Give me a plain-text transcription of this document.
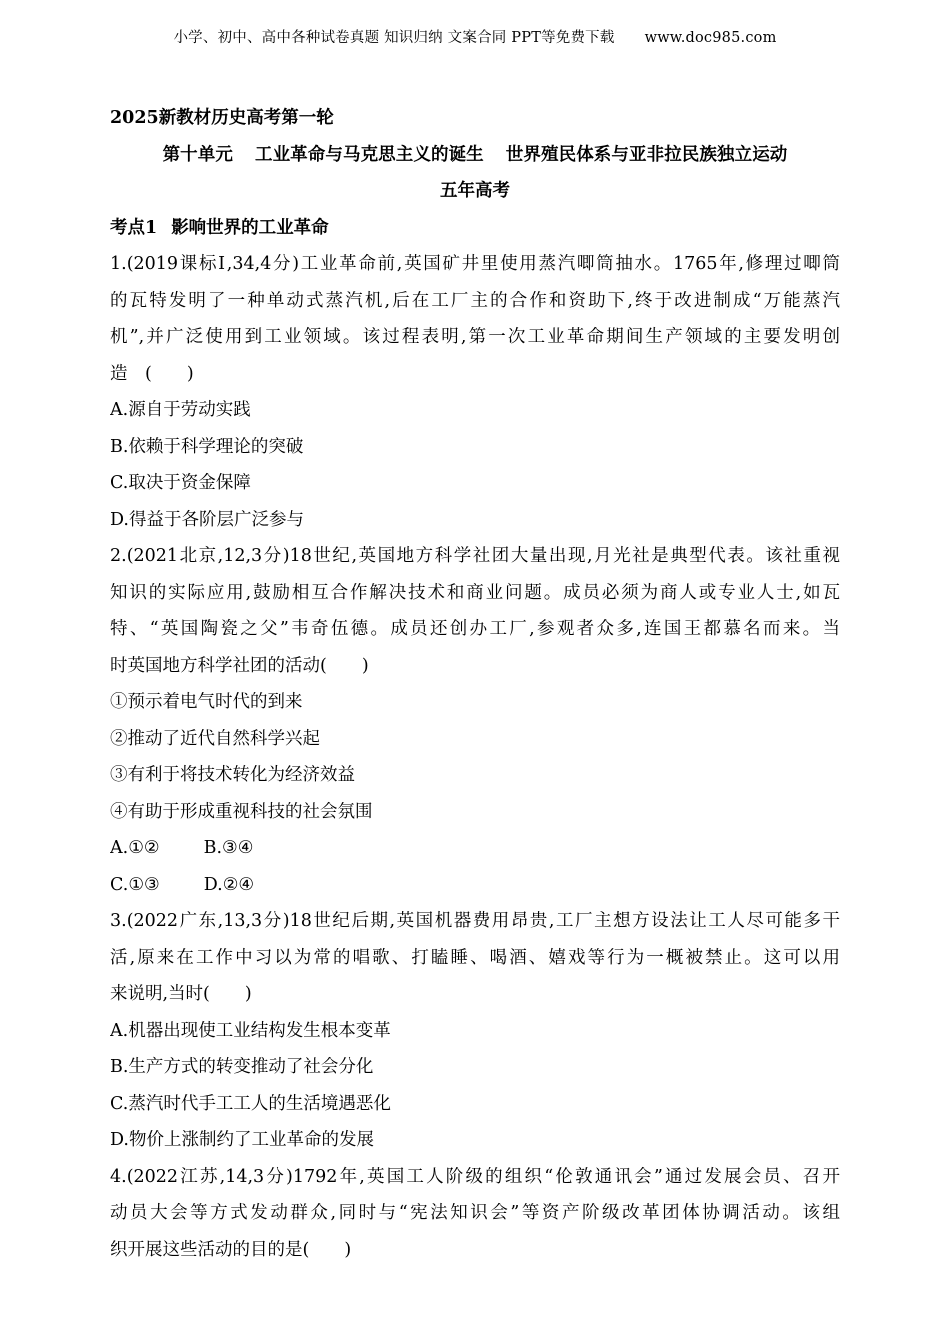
小学、初中、高中各种试卷真题 知识归纳 文案合同 PPT等免费下载 www.doc985.com
2025新教材历史高考第一轮
第十单元 工业革命与马克思主义的诞生 世界殖民体系与亚非拉民族独立运动
五年高考
考点1 影响世界的工业革命
1.(2019课标Ⅰ,34,4分)工业革命前,英国矿井里使用蒸汽唧筒抽水。1765年,修理过唧筒
的瓦特发明了一种单动式蒸汽机,后在工厂主的合作和资助下,终于改进制成“万能蒸汽
机”,并广泛使用到工业领域。该过程表明,第一次工业革命期间生产领域的主要发明创
造　(　　)
A.源自于劳动实践
B.依赖于科学理论的突破
C.取决于资金保障
D.得益于各阶层广泛参与
2.(2021北京,12,3分)18世纪,英国地方科学社团大量出现,月光社是典型代表。该社重视
知识的实际应用,鼓励相互合作解决技术和商业问题。成员必须为商人或专业人士,如瓦
特、“英国陶瓷之父”韦奇伍德。成员还创办工厂,参观者众多,连国王都慕名而来。当
时英国地方科学社团的活动(　　)
①预示着电气时代的到来
②推动了近代自然科学兴起
③有利于将技术转化为经济效益
④有助于形成重视科技的社会氛围
A.①②	B.③④
C.①③	D.②④
3.(2022广东,13,3分)18世纪后期,英国机器费用昂贵,工厂主想方设法让工人尽可能多干
活,原来在工作中习以为常的唱歌、打瞌睡、喝酒、嬉戏等行为一概被禁止。这可以用
来说明,当时(　　)
A.机器出现使工业结构发生根本变革
B.生产方式的转变推动了社会分化
C.蒸汽时代手工工人的生活境遇恶化
D.物价上涨制约了工业革命的发展
4.(2022江苏,14,3分)1792年,英国工人阶级的组织“伦敦通讯会”通过发展会员、召开
动员大会等方式发动群众,同时与“宪法知识会”等资产阶级改革团体协调活动。该组
织开展这些活动的目的是(　　)
